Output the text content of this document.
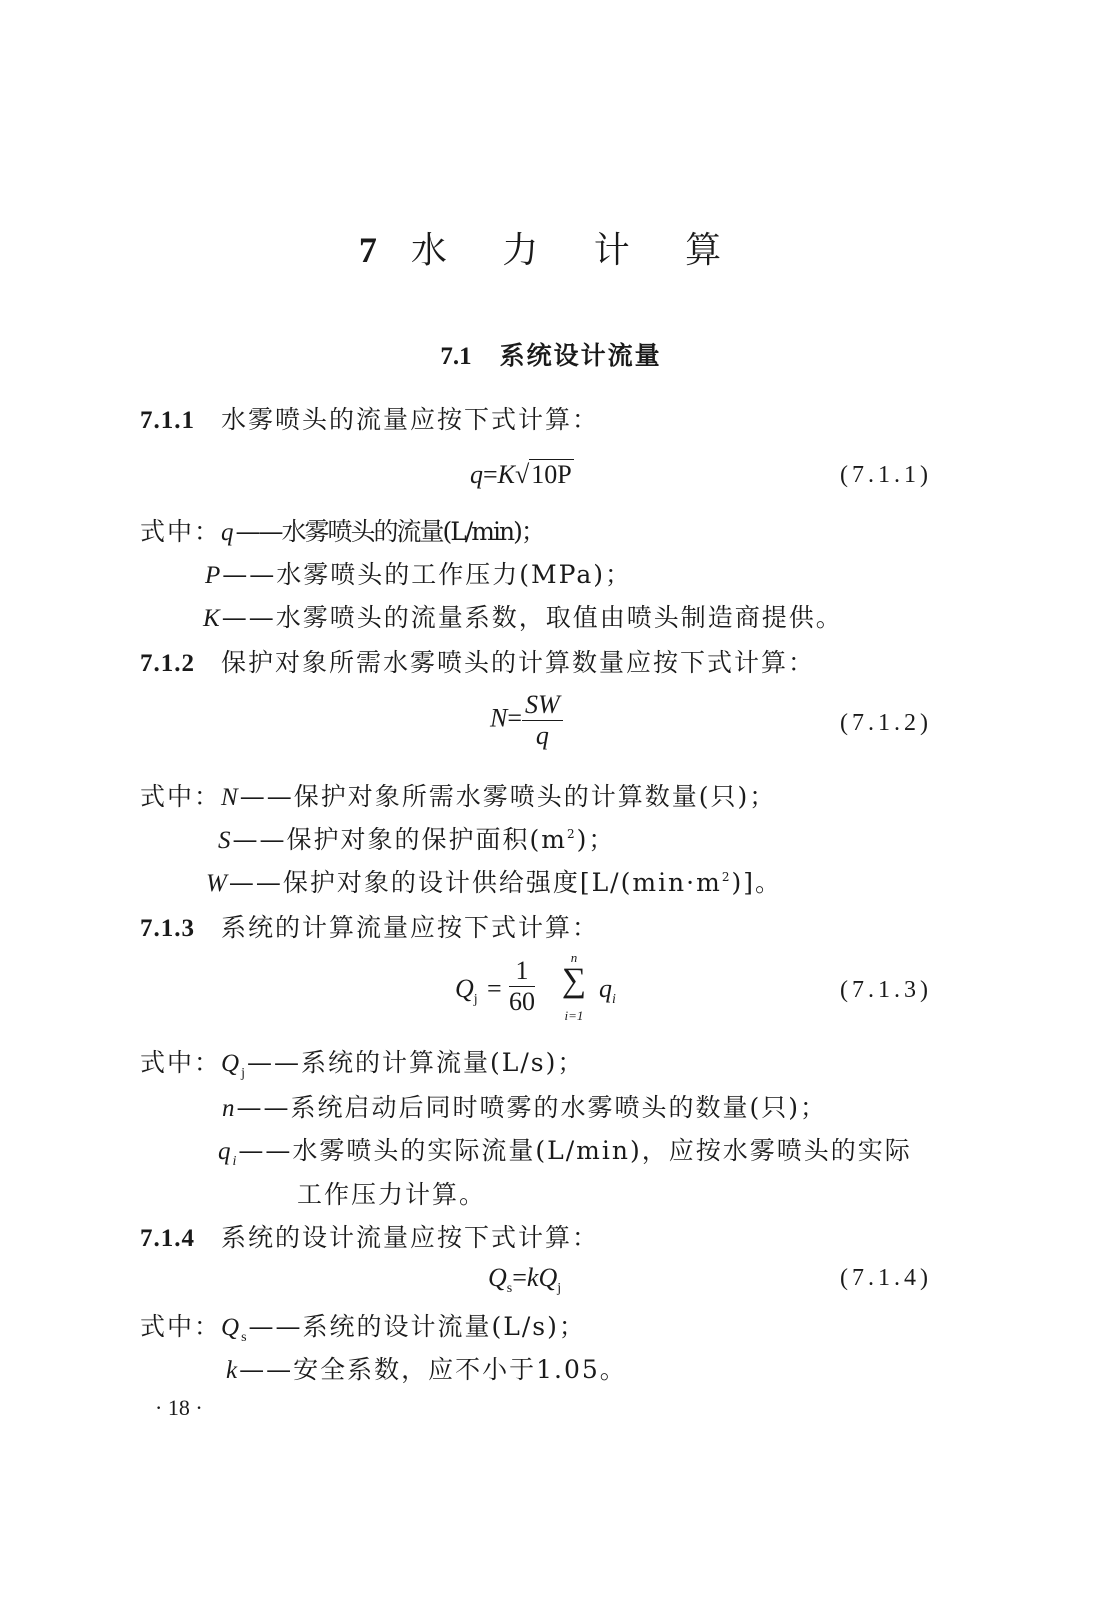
7 水 力 计 算
7.1 系统设计流量
7.1.1 水雾喷头的流量应按下式计算：
q=K√10P	(7.1.1)
式中：q——水雾喷头的流量(L/min)；
P——水雾喷头的工作压力(MPa)；
K——水雾喷头的流量系数，取值由喷头制造商提供。
7.1.2 保护对象所需水雾喷头的计算数量应按下式计算：
$N= \frac{SW}{q}$	(7.1.2)
式中：N——保护对象所需水雾喷头的计算数量(只)；
S——保护对象的保护面积$(m^2)$；
W——保护对象的设计供给强度$[L/(\min\cdot m^2)]$。
7.1.3 系统的计算流量应按下式计算：
$Q_j = \frac{1}{60}$	n
∑
i=1
$q_i$	(7.1.3)
式中：$Q_j——$系统的计算流量(L/s)；
n——系统启动后同时喷雾的水雾喷头的数量(只)；
$q_i——$水雾喷头的实际流量(L/min)，应按水雾喷头的实际
工作压力计算。
7.1.4 系统的设计流量应按下式计算：
$Q_s=kQ_j$	(7.1.4)
式中：$Q_s——$系统的设计流量(L/s)；
k——安全系数，应不小于1.05。
· 18 ·
